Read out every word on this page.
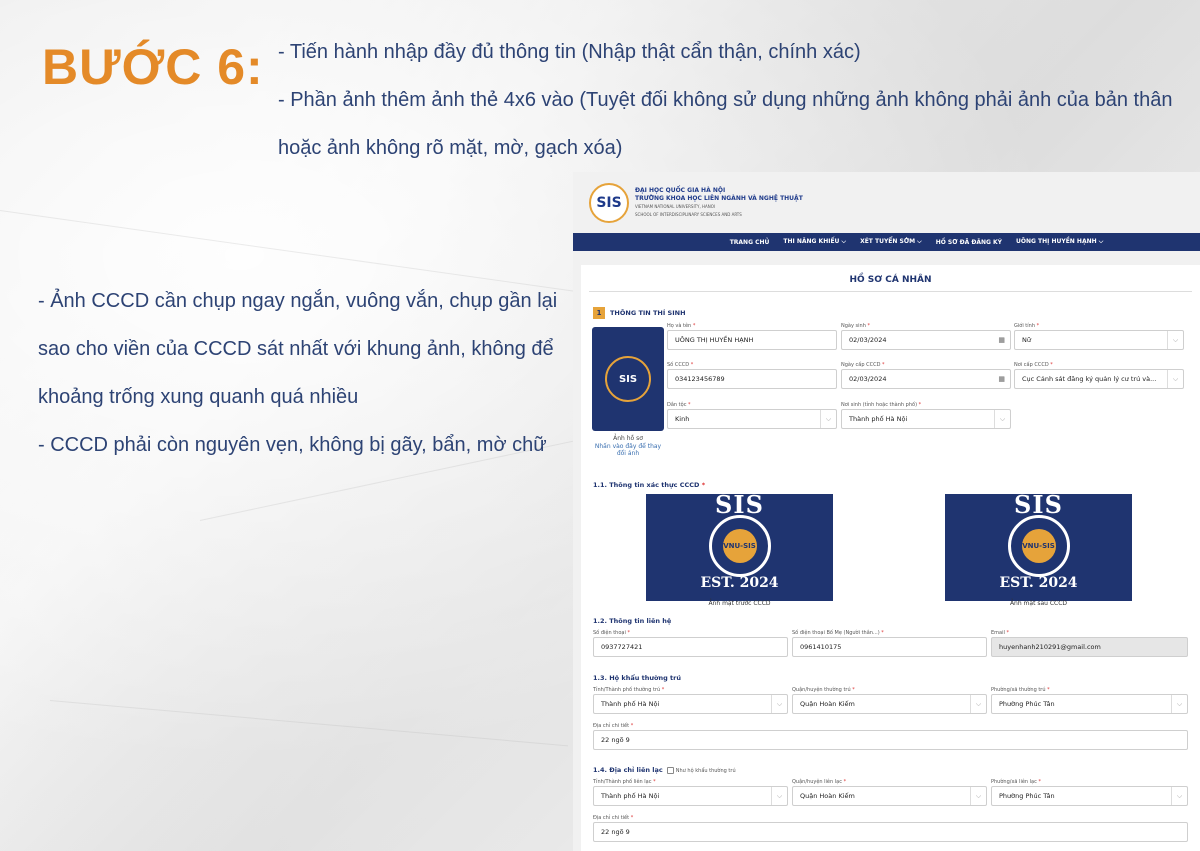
BƯỚC 6: - Tiến hành nhập đầy đủ thông tin (Nhập thật cẩn thận, chính xác)

- Phần ảnh thêm ảnh thẻ 4x6 vào (Tuyệt đối không sử dụng những ảnh không phải ảnh của bản thân hoặc ảnh không rõ mặt, mờ, gạch xóa)

- Ảnh CCCD cần chụp ngay ngắn, vuông vắn, chụp gần lại sao cho viền của CCCD sát nhất với khung ảnh, không để khoảng trống xung quanh quá nhiều

- CCCD phải còn nguyên vẹn, không bị gãy, bẩn, mờ chữ

SIS
ĐẠI HỌC QUỐC GIA HÀ NỘI
TRƯỜNG KHOA HỌC LIÊN NGÀNH VÀ NGHỆ THUẬT
VIETNAM NATIONAL UNIVERSITY, HANOI
SCHOOL OF INTERDISCIPLINARY SCIENCES AND ARTS
TRANG CHỦ THI NĂNG KHIẾU ⌵ XÉT TUYỂN SỚM ⌵ HỒ SƠ ĐÃ ĐĂNG KÝ UÔNG THỊ HUYỀN HẠNH ⌵
HỒ SƠ CÁ NHÂN
1	THÔNG TIN THÍ SINH
SIS
Ảnh hồ sơ
Nhấn vào đây để thay đổi ảnh
Họ và tên *
UÔNG THỊ HUYỀN HẠNH
Ngày sinh *
02/03/2024	▦
Giới tính *
Nữ	⌵
Số CCCD *
034123456789
Ngày cấp CCCD *
02/03/2024	▦
Nơi cấp CCCD *
Cục Cảnh sát đăng ký quản lý cư trú và...	⌵
Dân tộc *
Kinh	⌵
Nơi sinh (tỉnh hoặc thành phố) *
Thành phố Hà Nội	⌵
1.1. Thông tin xác thực CCCD *
SIS
VNU-SIS
EST. 2024
Ảnh mặt trước CCCD
SIS
VNU-SIS
EST. 2024
Ảnh mặt sau CCCD
1.2. Thông tin liên hệ
Số điện thoại *
0937727421
Số điện thoại Bố Mẹ (Người thân...) *
0961410175
Email *
huyenhanh210291@gmail.com
1.3. Hộ khẩu thường trú
Tỉnh/Thành phố thường trú *
Thành phố Hà Nội	⌵
Quận/huyện thường trú *
Quận Hoàn Kiếm	⌵
Phường/xã thường trú *
Phường Phúc Tân	⌵
Địa chỉ chi tiết *
22 ngõ 9
1.4. Địa chỉ liên lạc	Như hộ khẩu thường trú
Tỉnh/Thành phố liên lạc *
Thành phố Hà Nội	⌵
Quận/huyện liên lạc *
Quận Hoàn Kiếm	⌵
Phường/xã liên lạc *
Phường Phúc Tân	⌵
Địa chỉ chi tiết *
22 ngõ 9
